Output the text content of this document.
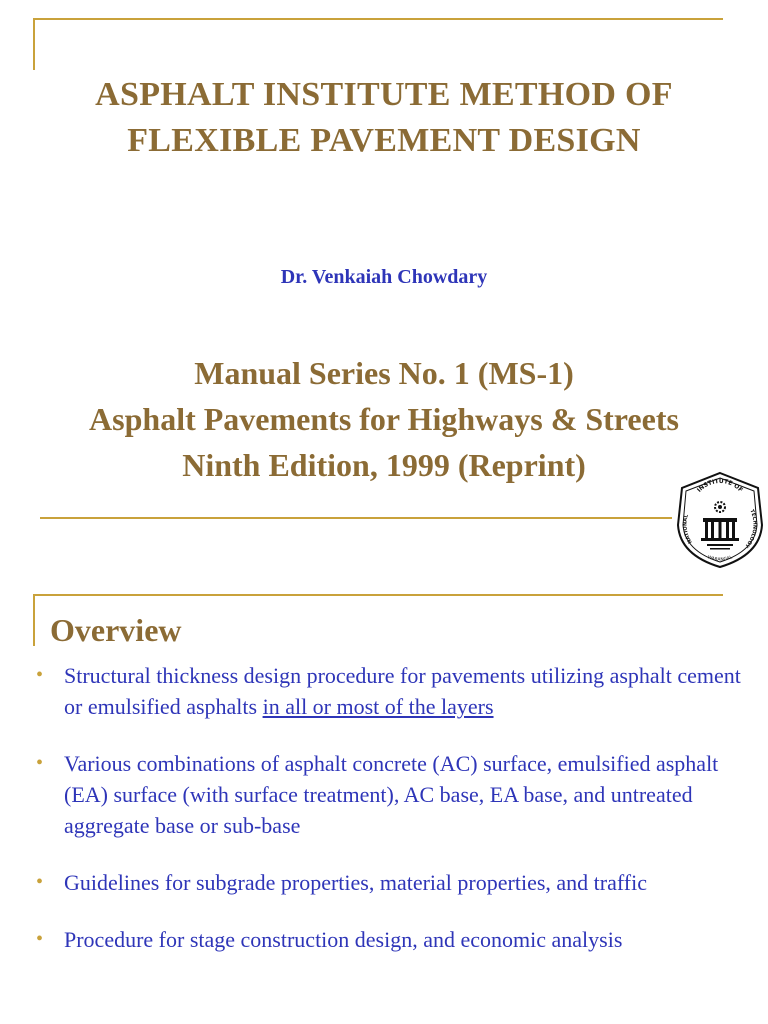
ASPHALT INSTITUTE METHOD OF
FLEXIBLE PAVEMENT DESIGN
Dr. Venkaiah Chowdary
Manual Series No. 1 (MS-1)
Asphalt Pavements for Highways & Streets
Ninth Edition, 1999 (Reprint)
INSTITUTE OF
NATIONAL
TECHNOLOGY
WARANGAL
Overview
• Structural thickness design procedure for pavements utilizing asphalt cement or emulsified asphalts in all or most of the layers
• Various combinations of asphalt concrete (AC) surface, emulsified asphalt (EA) surface (with surface treatment), AC base, EA base, and untreated aggregate base or sub-base
• Guidelines for subgrade properties, material properties, and traffic
• Procedure for stage construction design, and economic analysis
